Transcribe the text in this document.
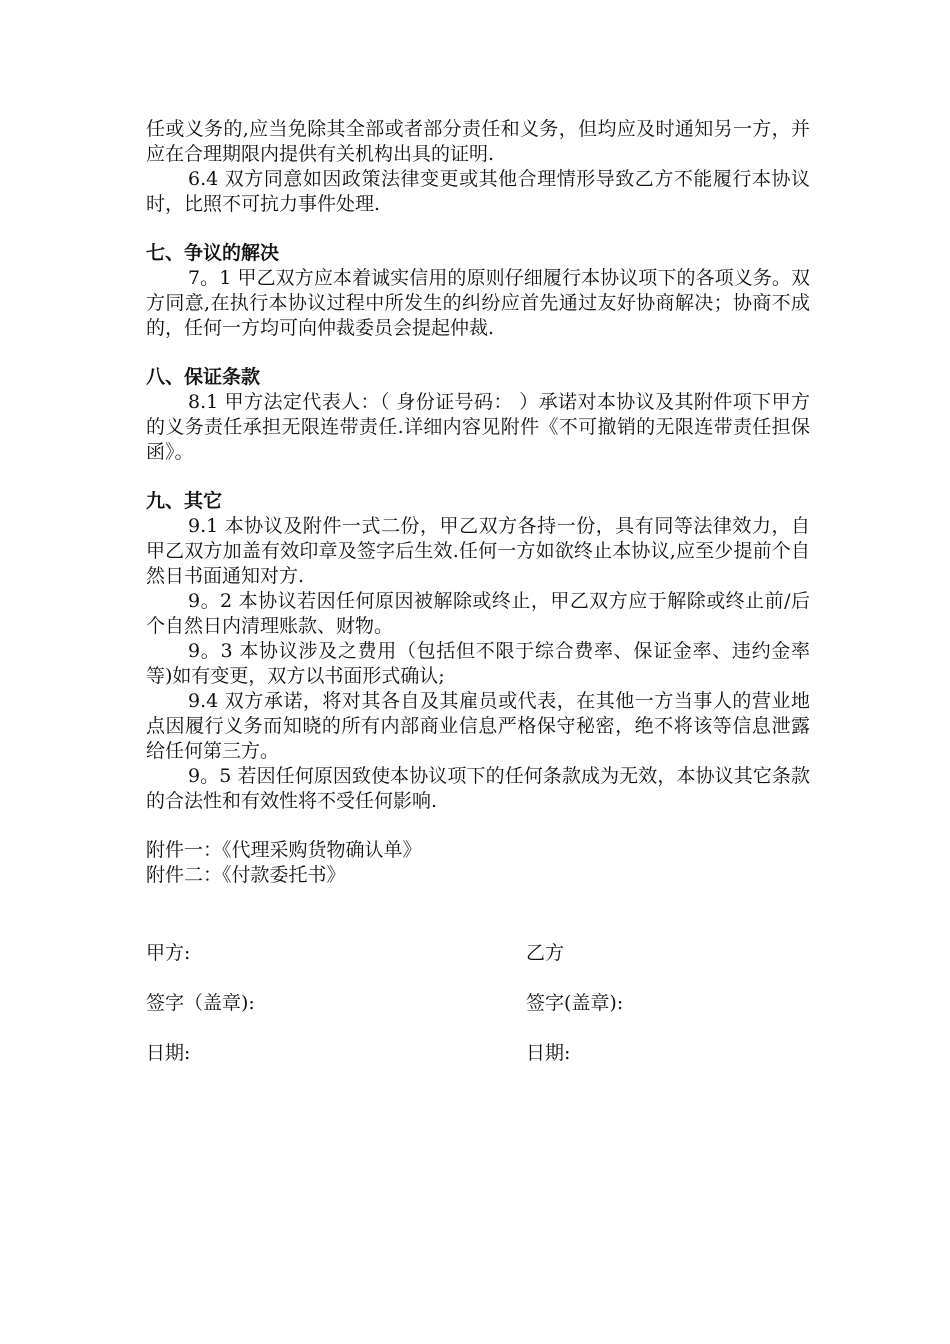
任或义务的,应当免除其全部或者部分责任和义务，但均应及时通知另一方，并应在合理期限内提供有关机构出具的证明.

6.4 双方同意如因政策法律变更或其他合理情形导致乙方不能履行本协议时，比照不可抗力事件处理.

七、争议的解决

7。1 甲乙双方应本着诚实信用的原则仔细履行本协议项下的各项义务。双方同意,在执行本协议过程中所发生的纠纷应首先通过友好协商解决；协商不成的，任何一方均可向仲裁委员会提起仲裁.

八、保证条款

8.1 甲方法定代表人：（ 身份证号码： ）承诺对本协议及其附件项下甲方的义务责任承担无限连带责任.详细内容见附件《不可撤销的无限连带责任担保函》。

九、其它

9.1 本协议及附件一式二份，甲乙双方各持一份，具有同等法律效力，自甲乙双方加盖有效印章及签字后生效.任何一方如欲终止本协议,应至少提前个自然日书面通知对方.

9。2 本协议若因任何原因被解除或终止，甲乙双方应于解除或终止前/后个自然日内清理账款、财物。

9。3 本协议涉及之费用（包括但不限于综合费率、保证金率、违约金率等)如有变更，双方以书面形式确认;

9.4 双方承诺，将对其各自及其雇员或代表，在其他一方当事人的营业地点因履行义务而知晓的所有内部商业信息严格保守秘密，绝不将该等信息泄露给任何第三方。

9。5 若因任何原因致使本协议项下的任何条款成为无效，本协议其它条款的合法性和有效性将不受任何影响.

附件一：《代理采购货物确认单》
附件二：《付款委托书》
甲方:	乙方
签字（盖章):	签字(盖章):
日期:	日期:
